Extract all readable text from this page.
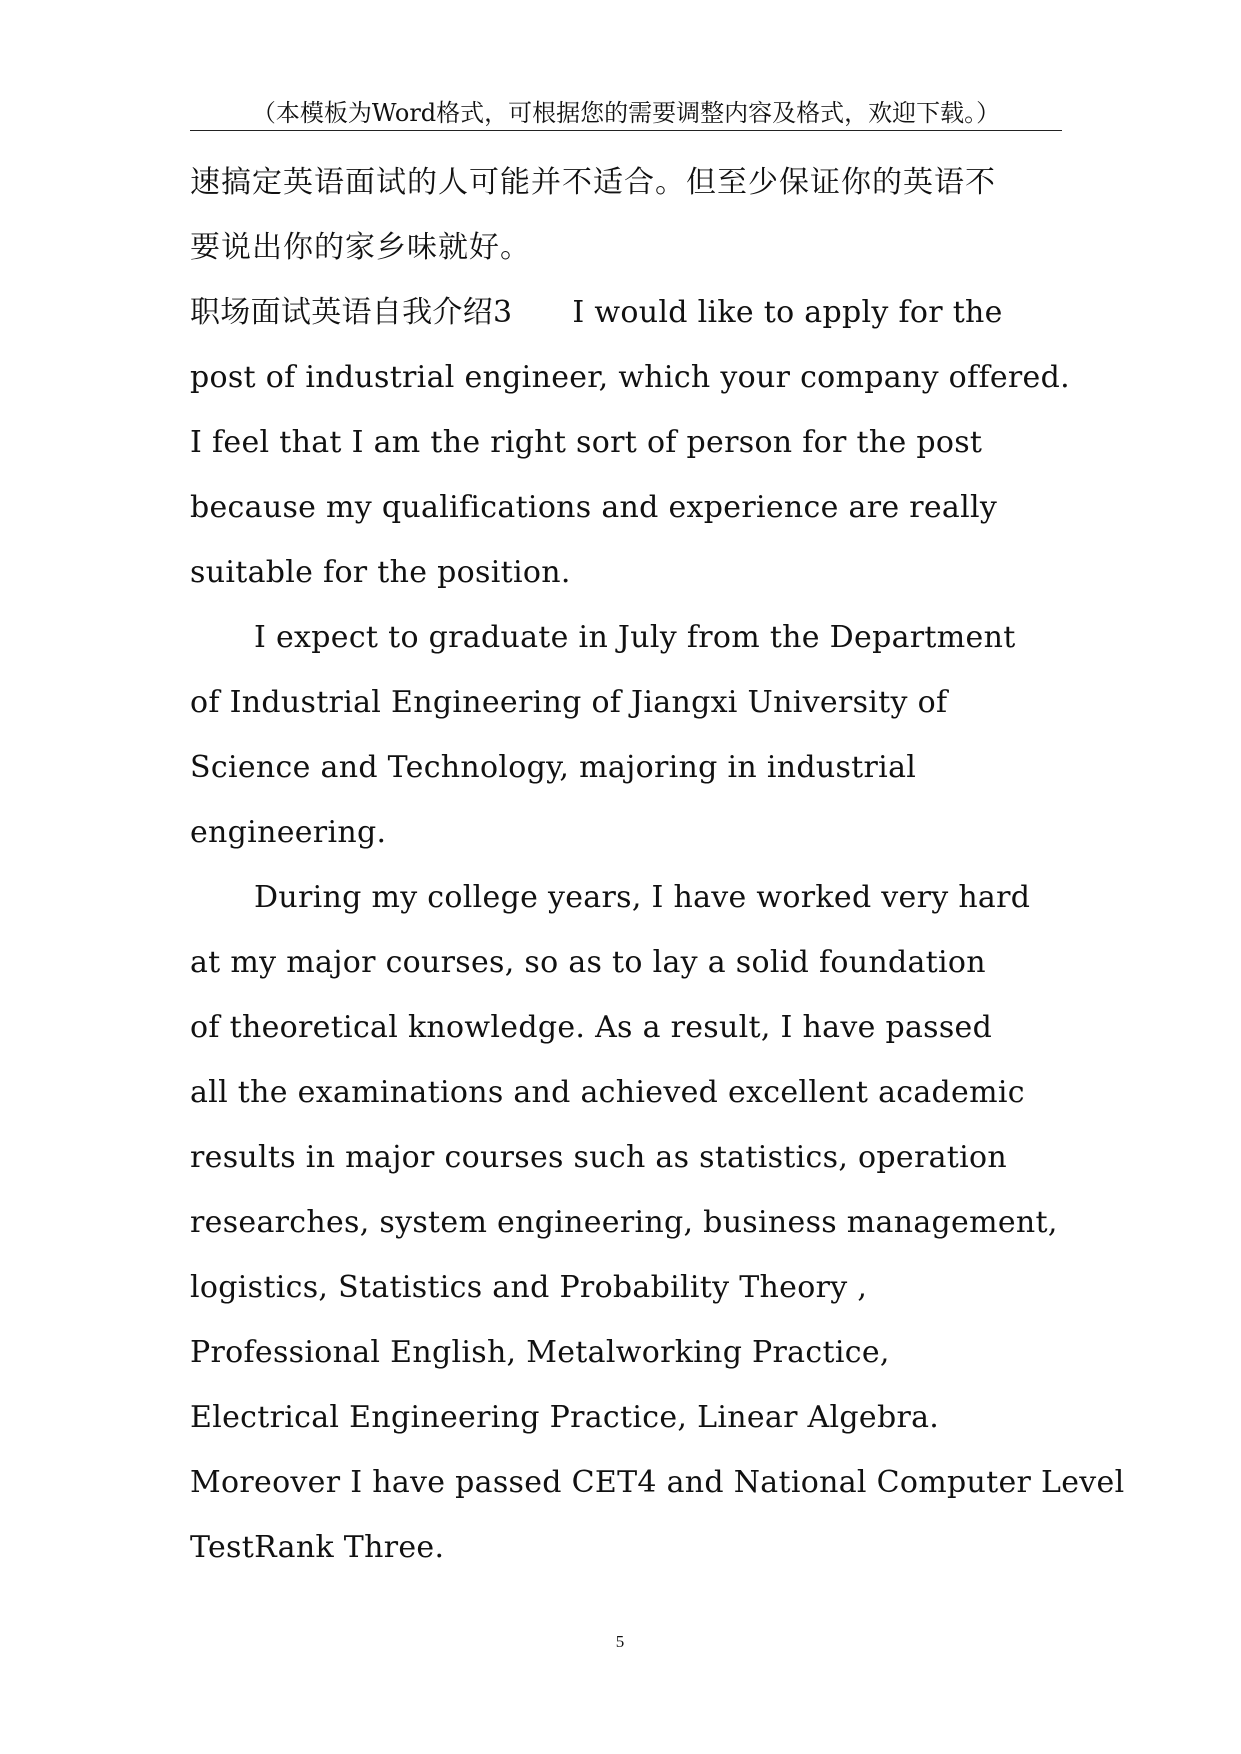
（本模板为Word格式，可根据您的需要调整内容及格式，欢迎下载。）
速搞定英语面试的人可能并不适合。但至少保证你的英语不
要说出你的家乡味就好。
职场面试英语自我介绍3 I would like to apply for the
post of industrial engineer, which your company offered.
I feel that I am the right sort of person for the post
because my qualifications and experience are really
suitable for the position.
I expect to graduate in July from the Department
of Industrial Engineering of Jiangxi University of
Science and Technology, majoring in industrial
engineering.
During my college years, I have worked very hard
at my major courses, so as to lay a solid foundation
of theoretical knowledge. As a result, I have passed
all the examinations and achieved excellent academic
results in major courses such as statistics, operation
researches, system engineering, business management,
logistics, Statistics and Probability Theory ,
Professional English, Metalworking Practice,
Electrical Engineering Practice, Linear Algebra.
Moreover I have passed CET4 and National Computer Level
TestRank Three.
5
